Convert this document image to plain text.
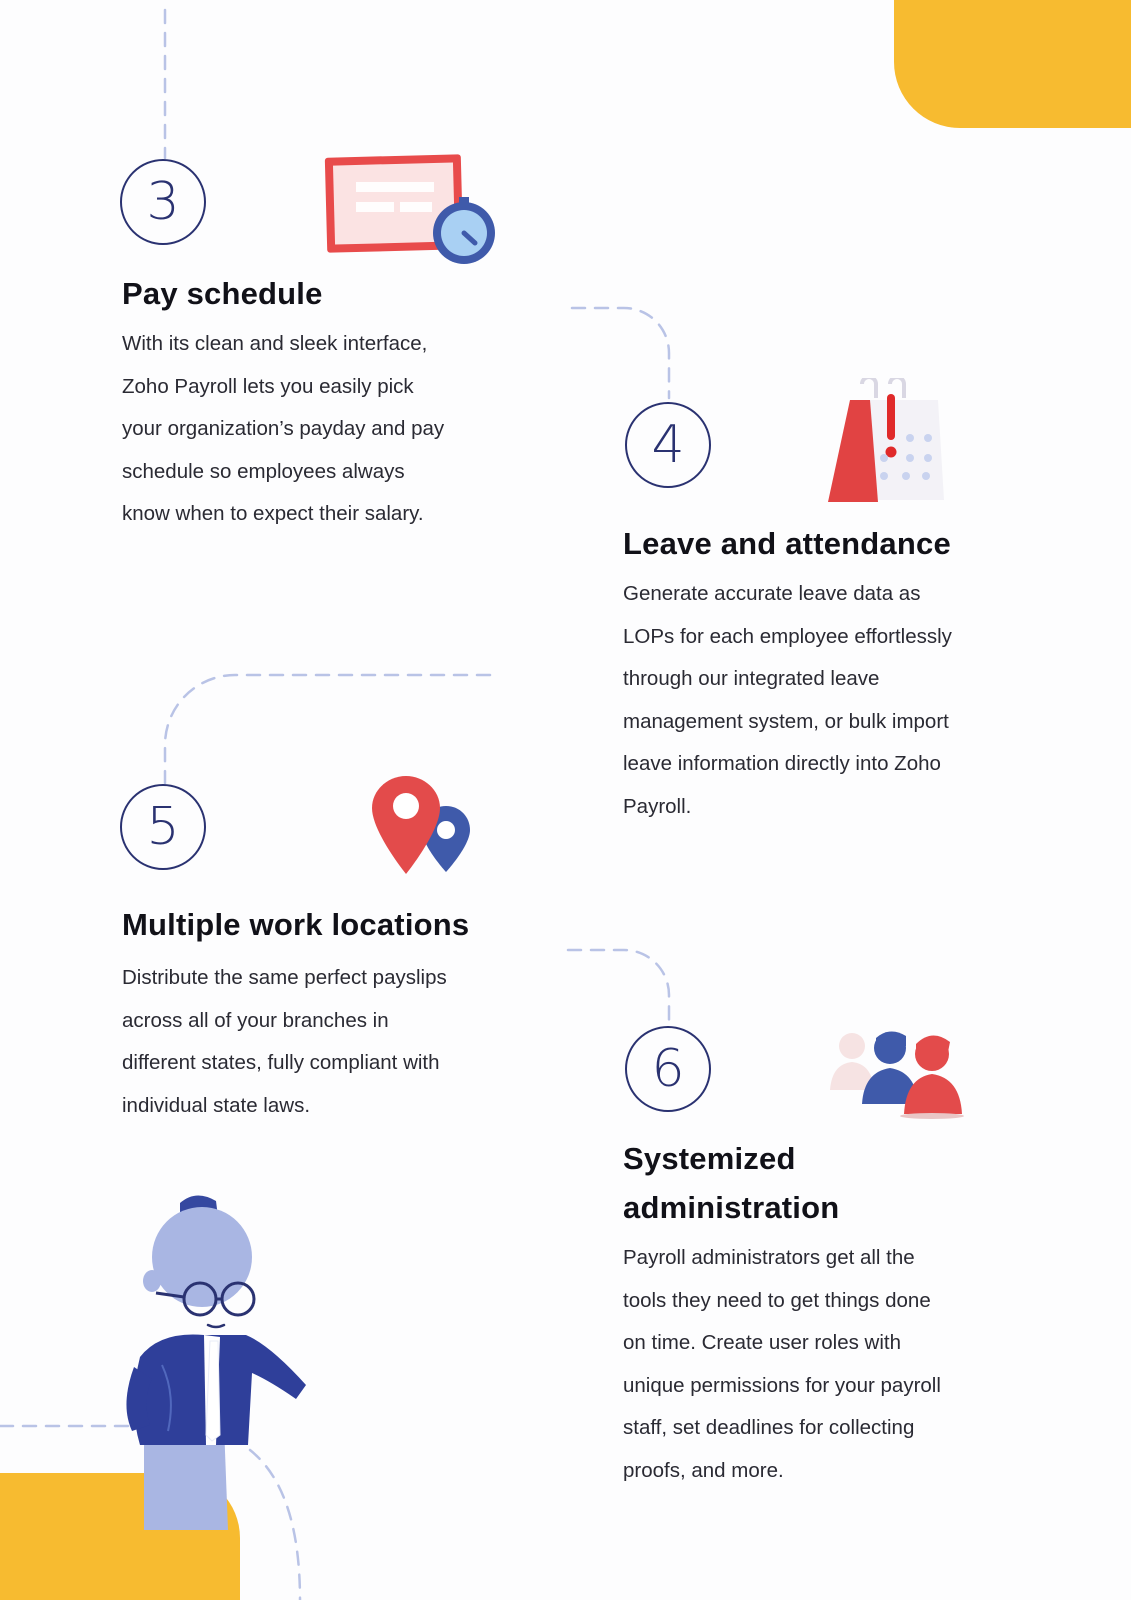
3
Pay schedule
With its clean and sleek interface,
Zoho Payroll lets you easily pick
your organization’s payday and pay
schedule so employees always
know when to expect their salary.
4
Leave and attendance
Generate accurate leave data as
LOPs for each employee effortlessly
through our integrated leave
management system, or bulk import
leave information directly into Zoho
Payroll.
5
Multiple work locations
Distribute the same perfect payslips
across all of your branches in
different states, fully compliant with
individual state laws.
6
Systemized
administration
Payroll administrators get all the
tools they need to get things done
on time. Create user roles with
unique permissions for your payroll
staff, set deadlines for collecting
proofs, and more.
